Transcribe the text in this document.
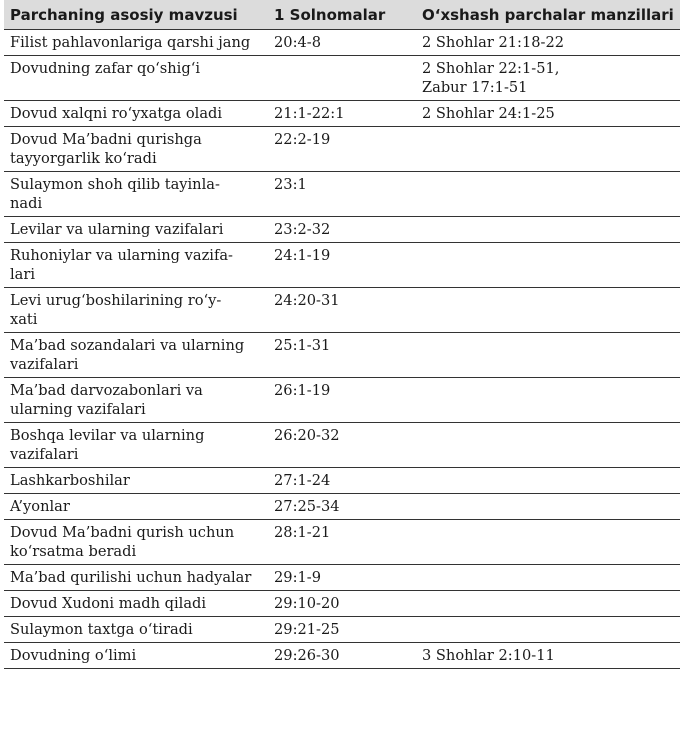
Parchaning asosiy mavzusi	1 Solnomalar	O‘xshash parchalar manzillari
Filist pahlavonlariga qarshi jang	20:4-8	2 Shohlar 21:18-22
Dovudning zafar qo‘shig‘i		2 Shohlar 22:1-51,
Zabur 17:1-51
Dovud xalqni ro‘yxatga oladi	21:1-22:1	2 Shohlar 24:1-25
Dovud Ma’badni qurishga
tayyorgarlik ko‘radi	22:2-19	
Sulaymon shoh qilib tayinla-
nadi	23:1	
Levilar va ularning vazifalari	23:2-32	
Ruhoniylar va ularning vazifa-
lari	24:1-19	
Levi urug‘boshilarining ro‘y-
xati	24:20-31	
Ma’bad sozandalari va ularning
vazifalari	25:1-31	
Ma’bad darvozabonlari va
ularning vazifalari	26:1-19	
Boshqa levilar va ularning
vazifalari	26:20-32	
Lashkarboshilar	27:1-24	
A’yonlar	27:25-34	
Dovud Ma’badni qurish uchun
ko‘rsatma beradi	28:1-21	
Ma’bad qurilishi uchun hadyalar	29:1-9	
Dovud Xudoni madh qiladi	29:10-20	
Sulaymon taxtga o‘tiradi	29:21-25	
Dovudning o‘limi	29:26-30	3 Shohlar 2:10-11
